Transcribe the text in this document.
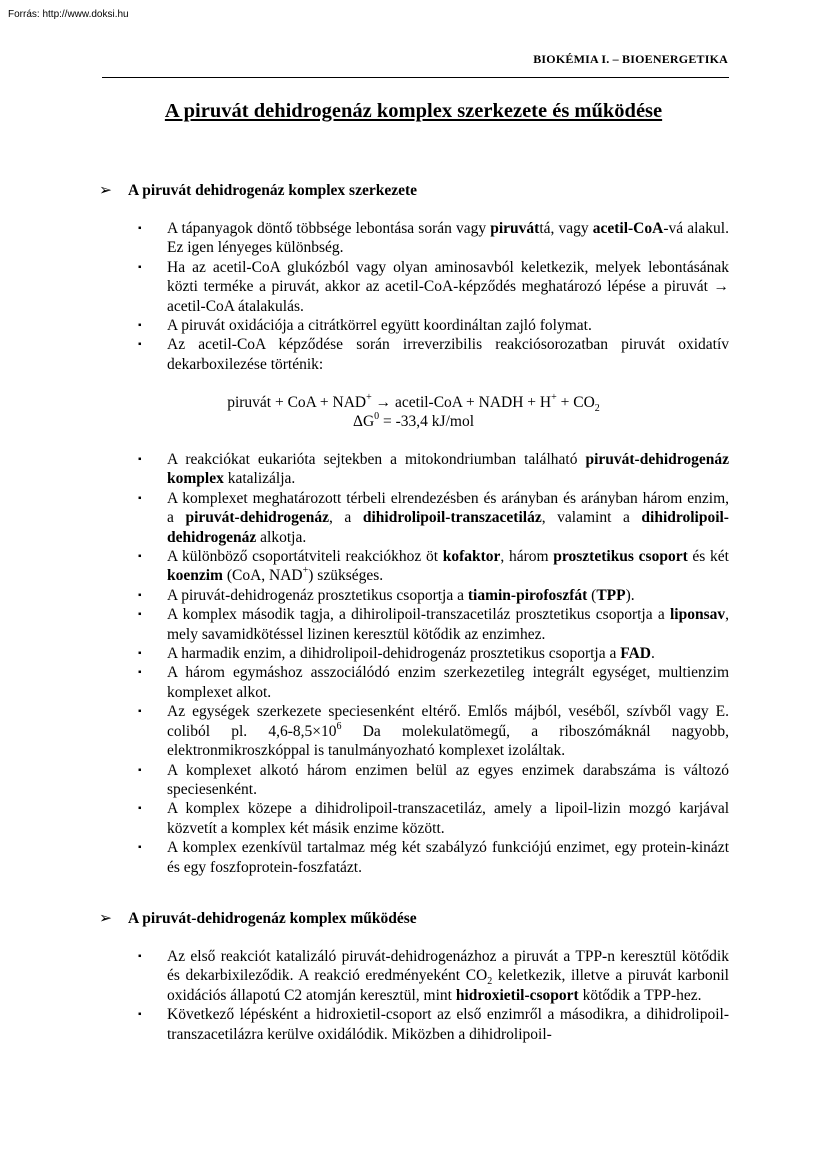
Forrás: http://www.doksi.hu
BIOKÉMIA I. – BIOENERGETIKA
A piruvát dehidrogenáz komplex szerkezete és működése
➢ A piruvát dehidrogenáz komplex szerkezete
▪ A tápanyagok döntő többsége lebontása során vagy piruváttá, vagy acetil-CoA-vá alakul. Ez igen lényeges különbség.
▪ Ha az acetil-CoA glukózból vagy olyan aminosavból keletkezik, melyek lebontásának közti terméke a piruvát, akkor az acetil-CoA-képződés meghatározó lépése a piruvát → acetil-CoA átalakulás.
▪ A piruvát oxidációja a citrátkörrel együtt koordináltan zajló folymat.
▪ Az acetil-CoA képződése során irreverzibilis reakciósorozatban piruvát oxidatív dekarboxilezése történik:
piruvát + CoA + NAD+ → acetil-CoA + NADH + $H^+ + CO_2$
$\Delta G^0 = -33,4$ kJ/mol
▪ A reakciókat eukarióta sejtekben a mitokondriumban található piruvát-dehidrogenáz komplex katalizálja.
▪ A komplexet meghatározott térbeli elrendezésben és arányban és arányban három enzim, a piruvát-dehidrogenáz, a dihidrolipoil-transzacetiláz, valamint a dihidrolipoil-dehidrogenáz alkotja.
▪ A különböző csoportátviteli reakciókhoz öt kofaktor, három prosztetikus csoport és két koenzim (CoA, NAD+) szükséges.
▪ A piruvát-dehidrogenáz prosztetikus csoportja a tiamin-pirofoszfát (TPP).
▪ A komplex második tagja, a dihirolipoil-transzacetiláz prosztetikus csoportja a liponsav, mely savamidkötéssel lizinen keresztül kötődik az enzimhez.
▪ A harmadik enzim, a dihidrolipoil-dehidrogenáz prosztetikus csoportja a FAD.
▪ A három egymáshoz asszociálódó enzim szerkezetileg integrált egységet, multienzim komplexet alkot.
▪ Az egységek szerkezete speciesenként eltérő. Emlős májból, veséből, szívből vagy E. coliból pl. $4,6-8,5\times 10^6$ Da molekulatömegű, a riboszómáknál nagyobb, elektronmikroszkóppal is tanulmányozható komplexet izoláltak.
▪ A komplexet alkotó három enzimen belül az egyes enzimek darabszáma is változó speciesenként.
▪ A komplex közepe a dihidrolipoil-transzacetiláz, amely a lipoil-lizin mozgó karjával közvetít a komplex két másik enzime között.
▪ A komplex ezenkívül tartalmaz még két szabályzó funkciójú enzimet, egy protein-kinázt és egy foszfoprotein-foszfatázt.
➢ A piruvát-dehidrogenáz komplex működése
▪ Az első reakciót katalizáló piruvát-dehidrogenázhoz a piruvát a TPP-n keresztül kötődik és dekarbixileződik. A reakció eredményeként $CO_2$ keletkezik, illetve a piruvát karbonil oxidációs állapotú C2 atomján keresztül, mint hidroxietil-csoport kötődik a TPP-hez.
▪ Következő lépésként a hidroxietil-csoport az első enzimről a másodikra, a dihidrolipoil-transzacetilázra kerülve oxidálódik. Miközben a dihidrolipoil-
